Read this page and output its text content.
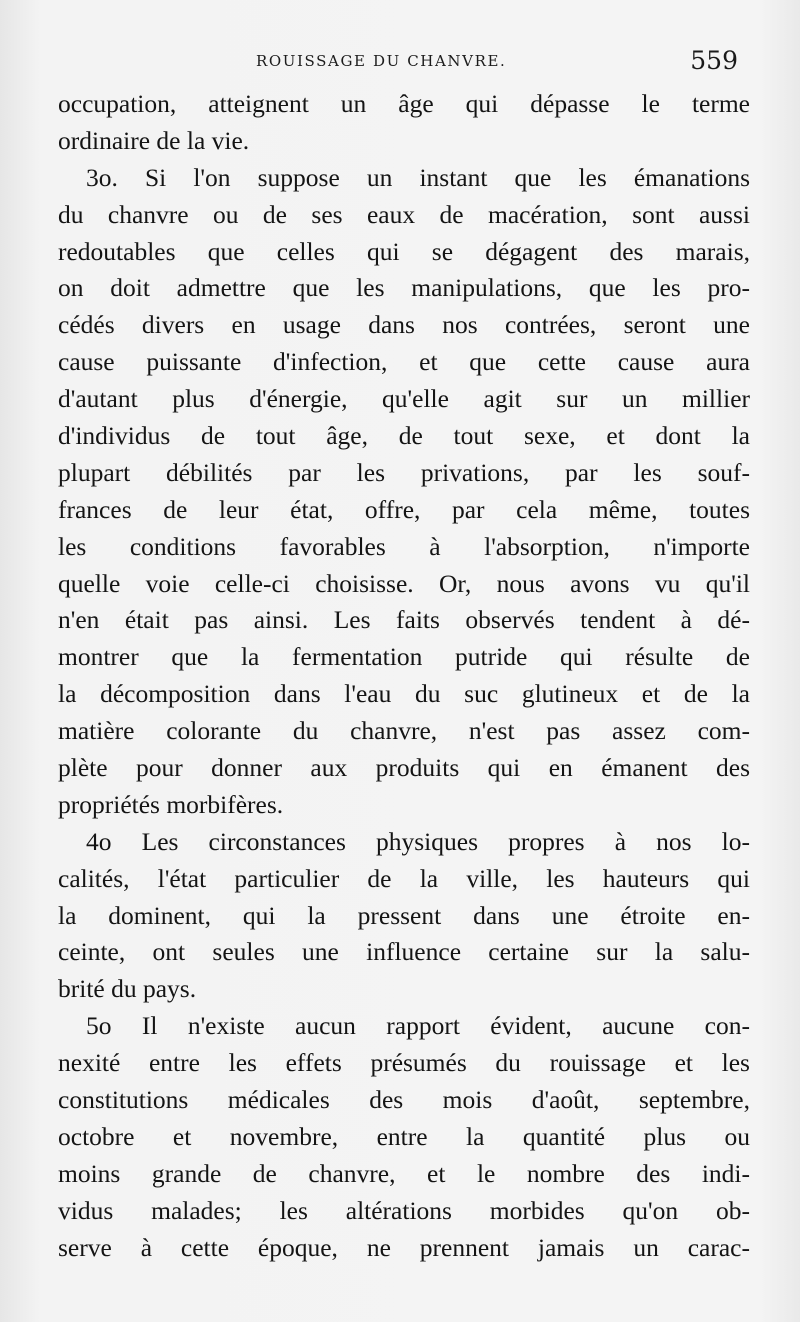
ROUISSAGE DU CHANVRE.	559
occupation, atteignent un âge qui dépasse le terme
ordinaire de la vie.
3o. Si l'on suppose un instant que les émanations
du chanvre ou de ses eaux de macération, sont aussi
redoutables que celles qui se dégagent des marais,
on doit admettre que les manipulations, que les pro-
cédés divers en usage dans nos contrées, seront une
cause puissante d'infection, et que cette cause aura
d'autant plus d'énergie, qu'elle agit sur un millier
d'individus de tout âge, de tout sexe, et dont la
plupart débilités par les privations, par les souf-
frances de leur état, offre, par cela même, toutes
les conditions favorables à l'absorption, n'importe
quelle voie celle-ci choisisse. Or, nous avons vu qu'il
n'en était pas ainsi. Les faits observés tendent à dé-
montrer que la fermentation putride qui résulte de
la décomposition dans l'eau du suc glutineux et de la
matière colorante du chanvre, n'est pas assez com-
plète pour donner aux produits qui en émanent des
propriétés morbifères.
4o Les circonstances physiques propres à nos lo-
calités, l'état particulier de la ville, les hauteurs qui
la dominent, qui la pressent dans une étroite en-
ceinte, ont seules une influence certaine sur la salu-
brité du pays.
5o Il n'existe aucun rapport évident, aucune con-
nexité entre les effets présumés du rouissage et les
constitutions médicales des mois d'août, septembre,
octobre et novembre, entre la quantité plus ou
moins grande de chanvre, et le nombre des indi-
vidus malades; les altérations morbides qu'on ob-
serve à cette époque, ne prennent jamais un carac-
